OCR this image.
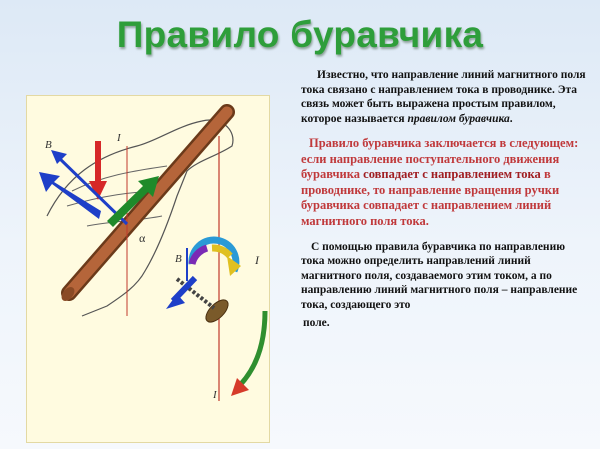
Правило буравчика
I
I
B
B
α
I

Известно, что направление линий магнитного поля тока связано с направлением тока в проводнике. Эта связь может быть выражена простым правилом, которое называется правилом буравчика.

Правило буравчика заключается в следующем: если направление поступательного движения буравчика совпадает с направлением тока в проводнике, то направление вращения ручки буравчика совпадает с направлением линий магнитного поля тока.

С помощью правила буравчика по направлению тока можно определить направлений линий магнитного поля, создаваемого этим током, а по направлению линий магнитного поля – направление тока, создающего это

поле.
